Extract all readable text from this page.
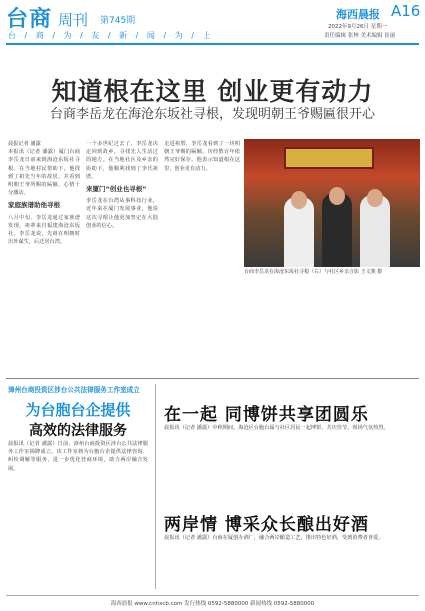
台商 周刊 第745期
台 / 商 / 为 / 友 / 新 / 闻 / 为 / 上
海西晨报 A16
2022年9月26日 星期一
责任编辑 张林 美术编辑 崔丽
知道根在这里 创业更有动力
台商李岳龙在海沧东坂社寻根，发现明朝王爷赐匾很开心

晨报记者 潘露

本报讯（记者 潘露）厦门台商李岳龙日前来到海沧东坂社寻根，在当地村民帮助下，他找到了祖先当年的故居，并看到明朝王爷所赐的匾额，心情十分激动。

家庭族谱助他寻根

八月中旬，李岳龙通过家族谱发现，祖辈来自福建海沧东坂社。李岳龙说，先祖在明朝时出外谋生，后迁居台湾。

一个多世纪过去了，李岳龙决定回到故乡，寻找先人生活过的地方。在当地社区及乡亲的协助下，他顺利找到了李氏祖厝。

来厦门“创业也寻根”

李岳龙在台湾从事科技行业，近年来在厦门发展事业，他说这次寻根让他更加坚定在大陆创业的信心。

走进祖厝，李岳龙看到了一块明朝王爷赐的匾额，历经数百年依然完好保存。他表示知道根在这里，创业更有动力。

台商李岳龙在海沧东坂社寻根（右）与社区乡亲合影 王文骏 摄
漳州台商投资区涉台公共法律服务工作室成立
为台胞台企提供
高效的法律服务

晨报讯（记者 潘露）日前，漳州台商投资区涉台公共法律服务工作室揭牌成立。该工作室将为台胞台企提供法律咨询、纠纷调解等服务，进一步优化营商环境，助力两岸融合发展。

在一起 同博饼共享团圆乐

晨报讯（记者 潘露）中秋期间，海沧区台胞台属与社区居民一起博饼，共庆佳节，现场气氛热烈。

两岸情 博采众长酿出好酒

晨报讯（记者 潘露）台商在厦创办酒厂，融合两岸酿造工艺，推出特色好酒，受到消费者喜爱。

海西晨报 www.cnhxcb.com 发行热线 0592-5880000 新闻热线 0592-5880000
